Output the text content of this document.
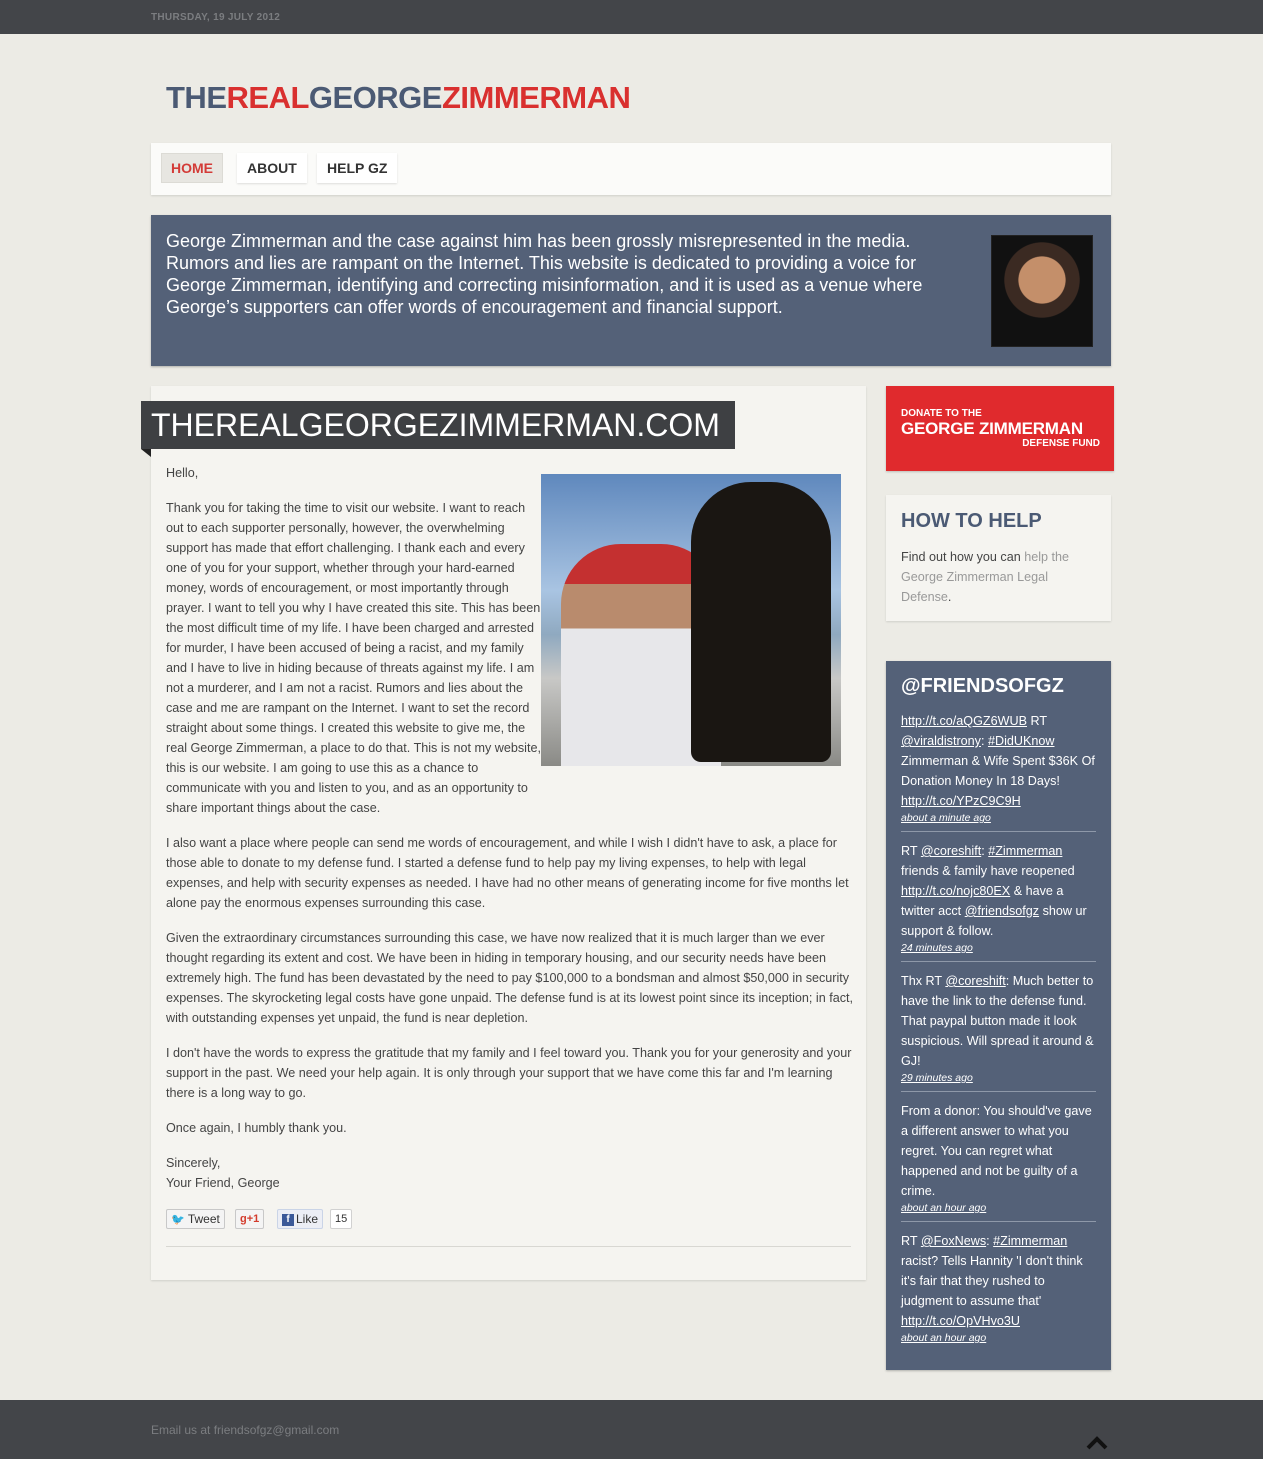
THURSDAY, 19 JULY 2012
THEREALGEORGEZIMMERMAN
HOME	ABOUT	HELP GZ
George Zimmerman and the case against him has been grossly misrepresented in the media. Rumors and lies are rampant on the Internet. This website is dedicated to providing a voice for George Zimmerman, identifying and correcting misinformation, and it is used as a venue where George’s supporters can offer words of encouragement and financial support.
THEREALGEORGEZIMMERMAN.COM

Hello,

Thank you for taking the time to visit our website. I want to reach out to each supporter personally, however, the overwhelming support has made that effort challenging. I thank each and every one of you for your support, whether through your hard-earned money, words of encouragement, or most importantly through prayer. I want to tell you why I have created this site. This has been the most difficult time of my life. I have been charged and arrested for murder, I have been accused of being a racist, and my family and I have to live in hiding because of threats against my life. I am not a murderer, and I am not a racist. Rumors and lies about the case and me are rampant on the Internet. I want to set the record straight about some things. I created this website to give me, the real George Zimmerman, a place to do that. This is not my website, this is our website. I am going to use this as a chance to communicate with you and listen to you, and as an opportunity to share important things about the case.

I also want a place where people can send me words of encouragement, and while I wish I didn't have to ask, a place for those able to donate to my defense fund. I started a defense fund to help pay my living expenses, to help with legal expenses, and help with security expenses as needed. I have had no other means of generating income for five months let alone pay the enormous expenses surrounding this case.

Given the extraordinary circumstances surrounding this case, we have now realized that it is much larger than we ever thought regarding its extent and cost. We have been in hiding in temporary housing, and our security needs have been extremely high. The fund has been devastated by the need to pay $100,000 to a bondsman and almost $50,000 in security expenses. The skyrocketing legal costs have gone unpaid. The defense fund is at its lowest point since its inception; in fact, with outstanding expenses yet unpaid, the fund is near depletion.

I don't have the words to express the gratitude that my family and I feel toward you. Thank you for your generosity and your support in the past. We need your help again. It is only through your support that we have come this far and I'm learning there is a long way to go.

Once again, I humbly thank you.

Sincerely,
Your Friend, George

🐦 Tweet	g+1	f Like	15
DONATE TO THE
GEORGE ZIMMERMAN
DEFENSE FUND
HOW TO HELP
Find out how you can help the George Zimmerman Legal Defense.
@FRIENDSOFGZ
http://t.co/aQGZ6WUB RT @viraldistrony: #DidUKnow Zimmerman & Wife Spent $36K Of Donation Money In 18 Days! http://t.co/YPzC9C9H
about a minute ago
RT @coreshift: #Zimmerman friends & family have reopened http://t.co/nojc80EX & have a twitter acct @friendsofgz show ur support & follow.
24 minutes ago
Thx RT @coreshift: Much better to have the link to the defense fund. That paypal button made it look suspicious. Will spread it around & GJ!
29 minutes ago
From a donor: You should've gave a different answer to what you regret. You can regret what happened and not be guilty of a crime.
about an hour ago
RT @FoxNews: #Zimmerman racist? Tells Hannity 'I don't think it's fair that they rushed to judgment to assume that' http://t.co/OpVHvo3U
about an hour ago
Email us at friendsofgz@gmail.com
